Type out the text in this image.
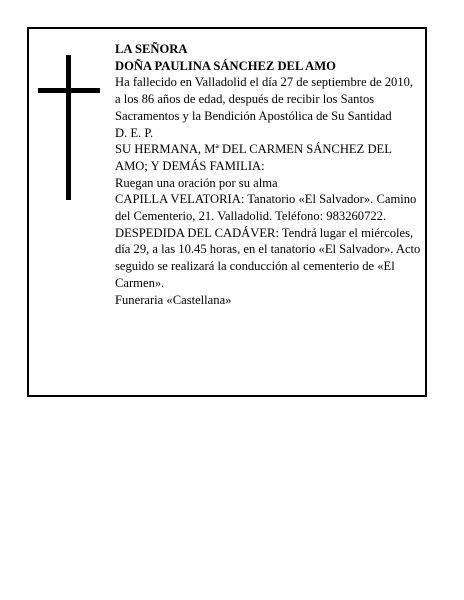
LA SEÑORA

DOÑA PAULINA SÁNCHEZ DEL AMO

Ha fallecido en Valladolid el día 27 de septiembre de 2010, a los 86 años de edad, después de recibir los Santos Sacramentos y la Bendición Apostólica de Su Santidad

D. E. P.

SU HERMANA, Mª DEL CARMEN SÁNCHEZ DEL AMO; Y DEMÁS FAMILIA:

Ruegan una oración por su alma

CAPILLA VELATORIA: Tanatorio «El Salvador». Camino del Cementerio, 21. Valladolid. Teléfono: 983260722.

DESPEDIDA DEL CADÁVER: Tendrá lugar el miércoles, día 29, a las 10.45 horas, en el tanatorio «El Salvador». Acto seguido se realizará la conducción al cementerio de «El Carmen».

Funeraria «Castellana»
